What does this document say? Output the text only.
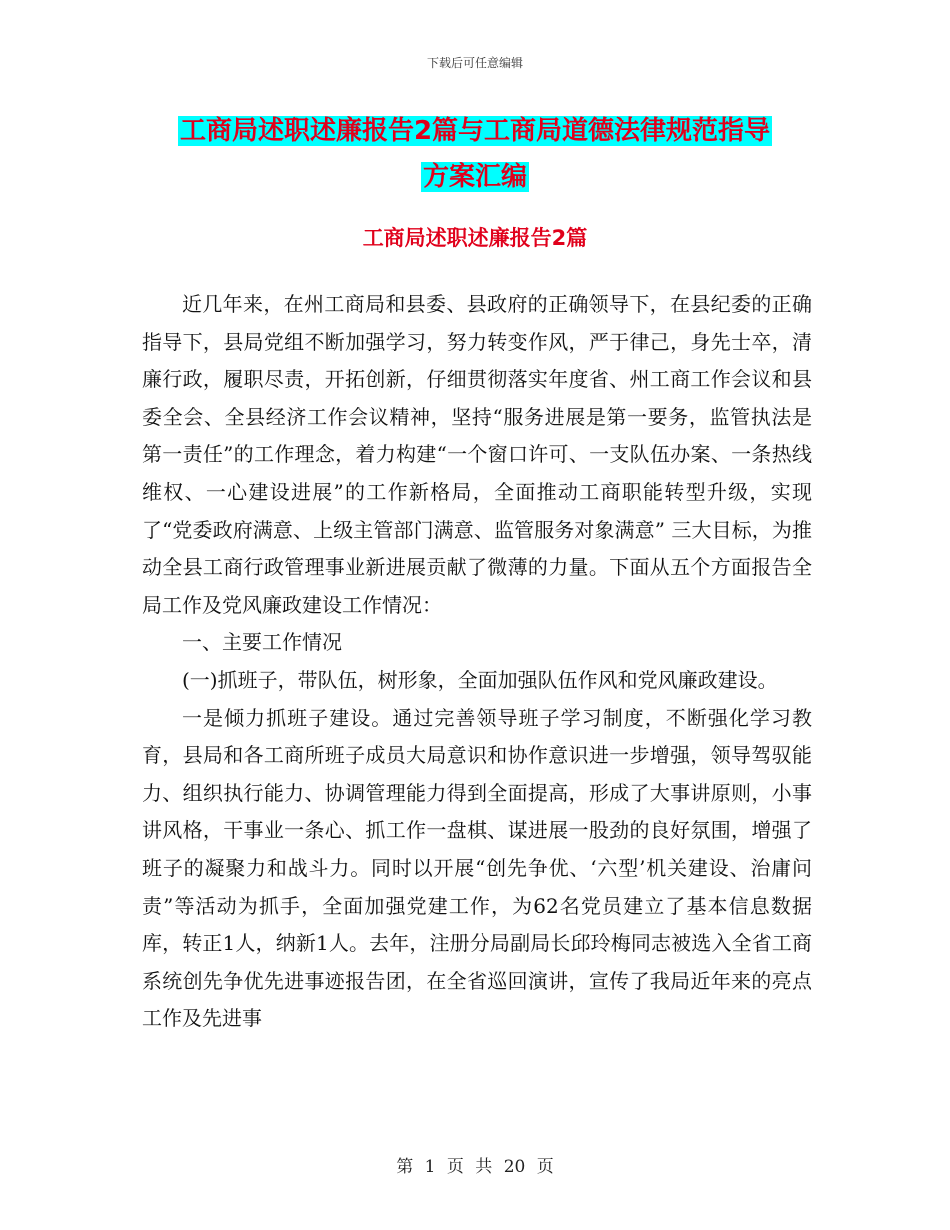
下载后可任意编辑
工商局述职述廉报告2篇与工商局道德法律规范指导
方案汇编
工商局述职述廉报告2篇

近几年来，在州工商局和县委、县政府的正确领导下，在县纪委的正确指导下，县局党组不断加强学习，努力转变作风，严于律己，身先士卒，清廉行政，履职尽责，开拓创新，仔细贯彻落实年度省、州工商工作会议和县委全会、全县经济工作会议精神，坚持“服务进展是第一要务，监管执法是第一责任”的工作理念，着力构建“一个窗口许可、一支队伍办案、一条热线维权、一心建设进展”的工作新格局，全面推动工商职能转型升级，实现了“党委政府满意、上级主管部门满意、监管服务对象满意” 三大目标，为推动全县工商行政管理事业新进展贡献了微薄的力量。下面从五个方面报告全局工作及党风廉政建设工作情况：

一、主要工作情况

(一)抓班子，带队伍，树形象，全面加强队伍作风和党风廉政建设。

一是倾力抓班子建设。通过完善领导班子学习制度，不断强化学习教育，县局和各工商所班子成员大局意识和协作意识进一步增强，领导驾驭能力、组织执行能力、协调管理能力得到全面提高，形成了大事讲原则，小事讲风格，干事业一条心、抓工作一盘棋、谋进展一股劲的良好氛围，增强了班子的凝聚力和战斗力。同时以开展“创先争优、‘六型’机关建设、治庸问责”等活动为抓手，全面加强党建工作，为62名党员建立了基本信息数据库，转正1人，纳新1人。去年，注册分局副局长邱玲梅同志被选入全省工商系统创先争优先进事迹报告团，在全省巡回演讲，宣传了我局近年来的亮点工作及先进事

第 1 页 共 20 页
